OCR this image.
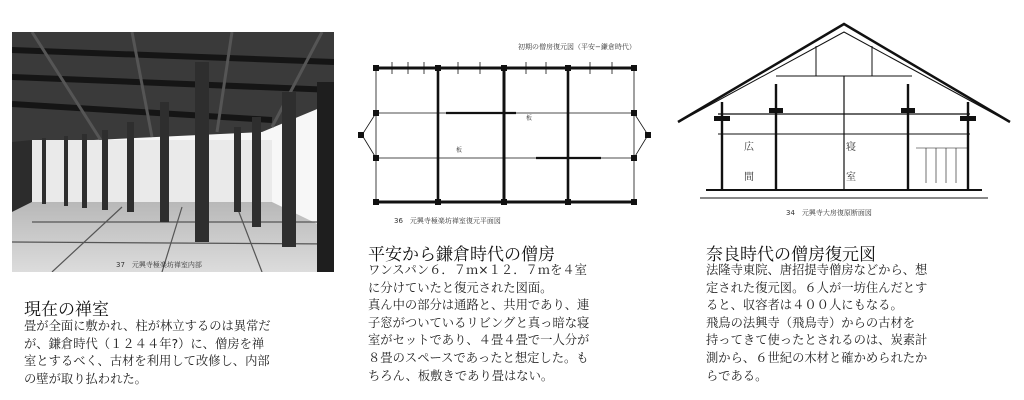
37　元興寺極楽坊禅室内部
初期の僧房復元図（平安−鎌倉時代）
板
板
36　元興寺極楽坊禅室復元平面図
広
間
寝
室
34　元興寺大房復原断面図
現在の禅室
畳が全面に敷かれ、柱が林立するのは異常だ
が、鎌倉時代（１２４４年?）に、僧房を禅
室とするべく、古材を利用して改修し、内部
の壁が取り払われた。
平安から鎌倉時代の僧房
ワンスパン６．７ｍ×１２．７ｍを４室
に分けていたと復元された図面。
真ん中の部分は通路と、共用であり、連
子窓がついているリビングと真っ暗な寝
室がセットであり、４畳４畳で一人分が
８畳のスペースであったと想定した。も
ちろん、板敷きであり畳はない。
奈良時代の僧房復元図
法隆寺東院、唐招提寺僧房などから、想
定された復元図。６人が一坊住んだとす
ると、収容者は４００人にもなる。
飛鳥の法興寺（飛鳥寺）からの古材を
持ってきて使ったとされるのは、炭素計
測から、６世紀の木材と確かめられたか
らである。
